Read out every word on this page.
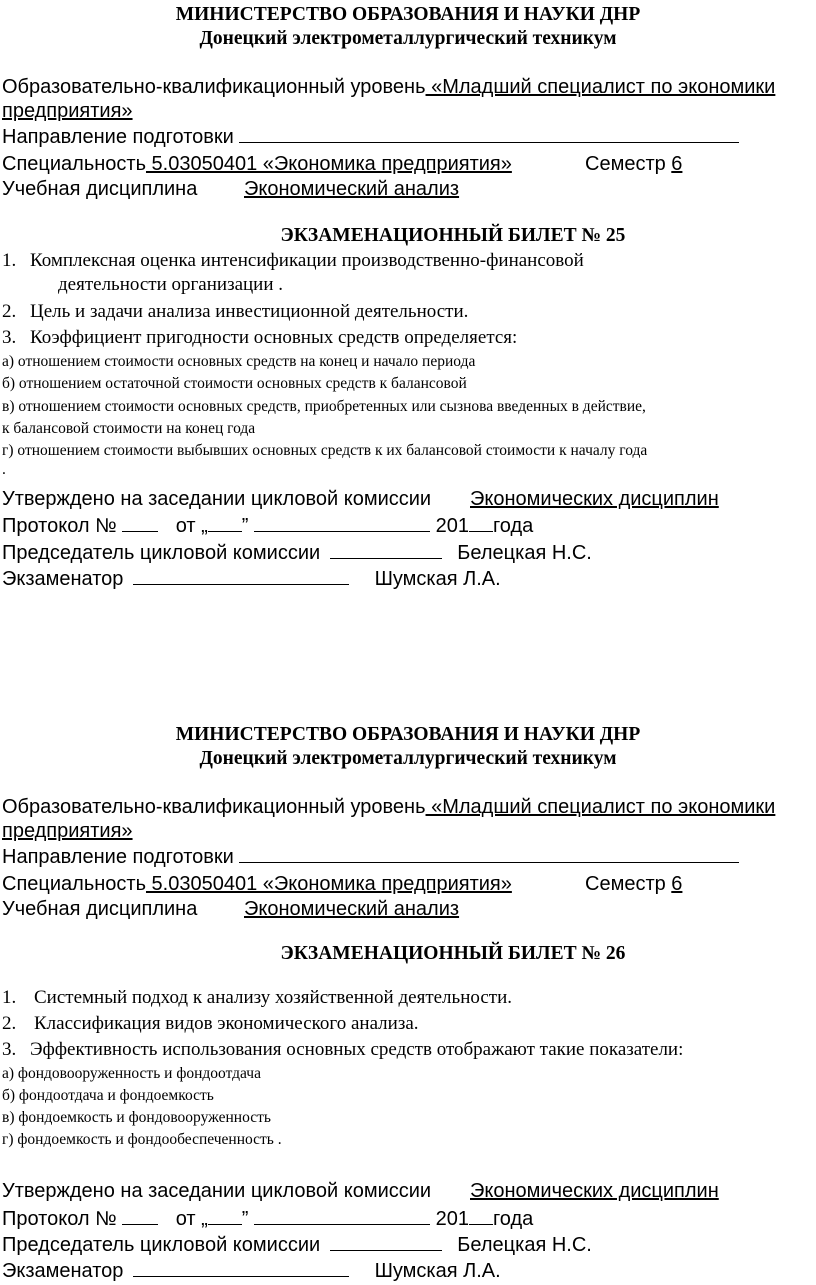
МИНИСТЕРСТВО ОБРАЗОВАНИЯ И НАУКИ ДНР
Донецкий электрометаллургический техникум
Образовательно-квалификационный уровень «Младший специалист по экономики
предприятия»
Направление подготовки
Специальность 5.03050401 «Экономика предприятия»	Семестр 6
Учебная дисциплина Экономический анализ
ЭКЗАМЕНАЦИОННЫЙ БИЛЕТ № 25
1. Комплексная оценка интенсификации производственно-финансовой
деятельности организации .
2. Цель и задачи анализа инвестиционной деятельности.
3. Коэффициент пригодности основных средств определяется:
а) отношением стоимости основных средств на конец и начало периода
б) отношением остаточной стоимости основных средств к балансовой
в) отношением стоимости основных средств, приобретенных или сызнова введенных в действие,
к балансовой стоимости на конец года
г) отношением стоимости выбывших основных средств к их балансовой стоимости к началу года
.
Утверждено на заседании цикловой комиссии Экономических дисциплин
Протокол №	от „ ”	201 года
Председатель цикловой комиссии	Белецкая Н.С.
Экзаменатор	Шумская Л.А.
МИНИСТЕРСТВО ОБРАЗОВАНИЯ И НАУКИ ДНР
Донецкий электрометаллургический техникум
Образовательно-квалификационный уровень «Младший специалист по экономики
предприятия»
Направление подготовки
Специальность 5.03050401 «Экономика предприятия»	Семестр 6
Учебная дисциплина Экономический анализ
ЭКЗАМЕНАЦИОННЫЙ БИЛЕТ № 26
1. Системный подход к анализу хозяйственной деятельности.
2. Классификация видов экономического анализа.
3. Эффективность использования основных средств отображают такие показатели:
а) фондовооруженность и фондоотдача
б) фондоотдача и фондоемкость
в) фондоемкость и фондовооруженность
г) фондоемкость и фондообеспеченность .
Утверждено на заседании цикловой комиссии Экономических дисциплин
Протокол №	от „ ”	201 года
Председатель цикловой комиссии	Белецкая Н.С.
Экзаменатор	Шумская Л.А.
